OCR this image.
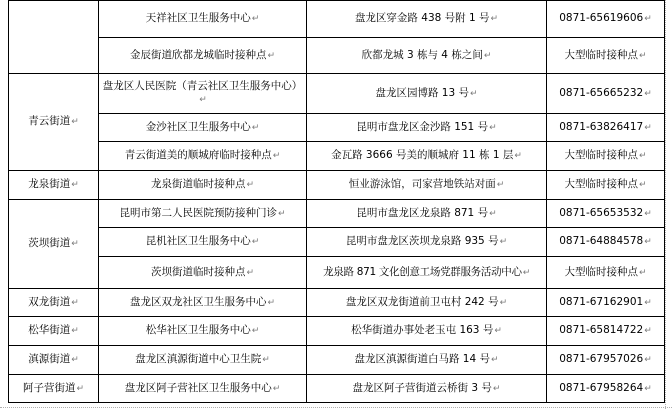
	天祥社区卫生服务中心↵	盘龙区穿金路 438 号附 1 号↵	0871-65619606↵
	金辰街道欣都龙城临时接种点↵	欣都龙城 3 栋与 4 栋之间↵	大型临时接种点↵
青云街道↵	盘龙区人民医院（青云社区卫生服务中心）↵	盘龙区园博路 13 号↵	0871-65665232↵
	金沙社区卫生服务中心↵	昆明市盘龙区金沙路 151 号↵	0871-63826417↵
	青云街道美的顺城府临时接种点↵	金瓦路 3666 号美的顺城府 11 栋 1 层↵	大型临时接种点↵
龙泉街道↵	龙泉街道临时接种点↵	恒业游泳馆，司家营地铁站对面↵	大型临时接种点↵
茨坝街道↵	昆明市第二人民医院预防接种门诊↵	昆明市盘龙区龙泉路 871 号↵	0871-65653532↵
	昆机社区卫生服务中心↵	昆明市盘龙区茨坝龙泉路 935 号↵	0871-64884578↵
	茨坝街道临时接种点↵	龙泉路 871 文化创意工场党群服务活动中心↵	大型临时接种点↵
双龙街道↵	盘龙区双龙社区卫生服务中心↵	盘龙区双龙街道前卫屯村 242 号↵	0871-67162901↵
松华街道↵	松华社区卫生服务中心↵	松华街道办事处老玉屯 163 号↵	0871-65814722↵
滇源街道↵	盘龙区滇源街道中心卫生院↵	盘龙区滇源街道白马路 14 号↵	0871-67957026↵
阿子营街道↵	盘龙区阿子营社区卫生服务中心↵	盘龙区阿子营街道云桥街 3 号↵	0871-67958264↵
